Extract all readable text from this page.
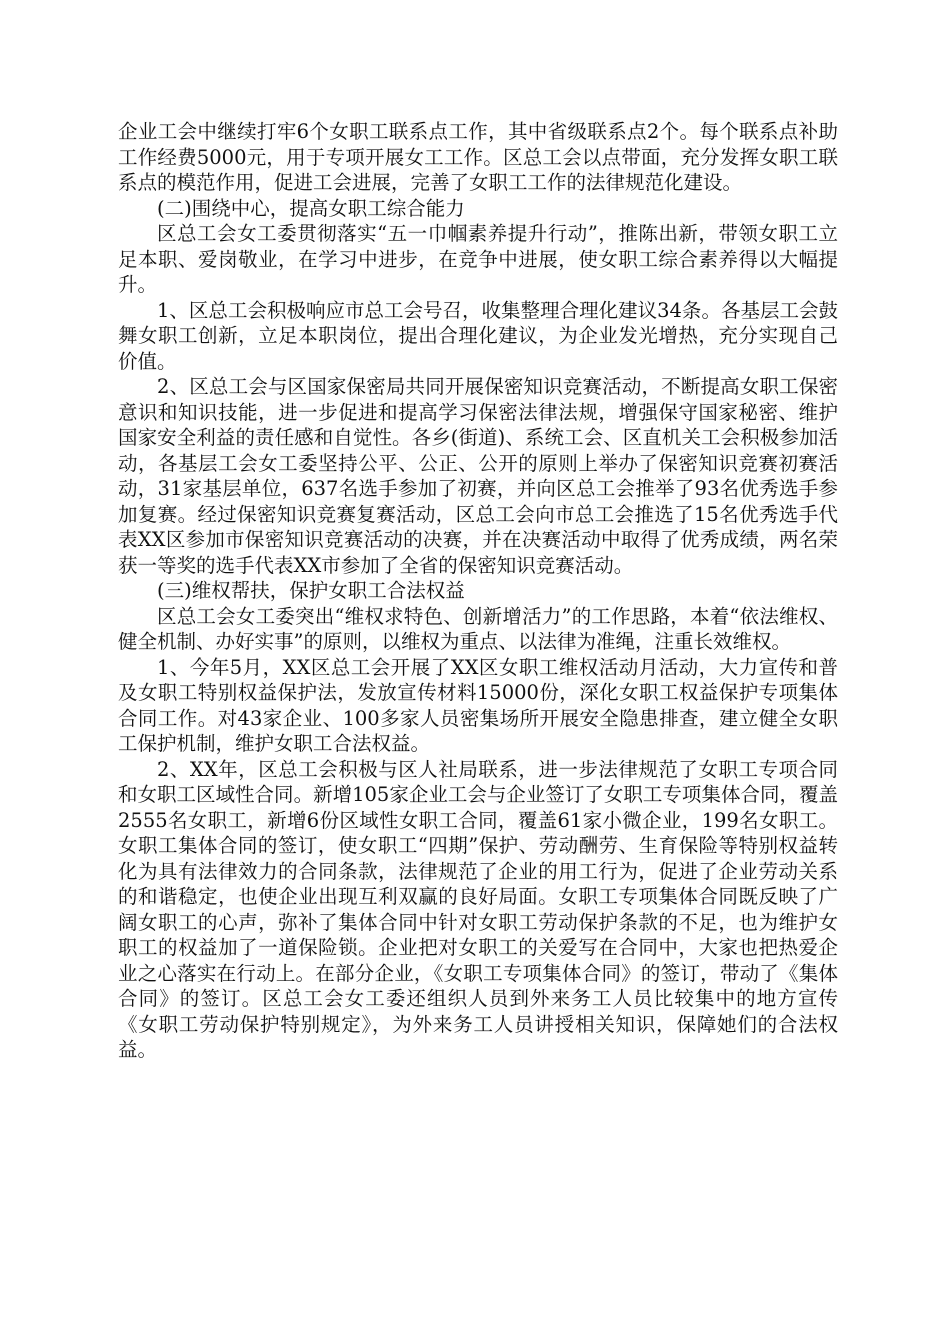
企业工会中继续打牢6个女职工联系点工作，其中省级联系点2个。每个联系点补助工作经费5000元，用于专项开展女工工作。区总工会以点带面，充分发挥女职工联系点的模范作用，促进工会进展，完善了女职工工作的法律规范化建设。

(二)围绕中心，提高女职工综合能力

区总工会女工委贯彻落实“五一巾帼素养提升行动”，推陈出新，带领女职工立足本职、爱岗敬业，在学习中进步，在竞争中进展，使女职工综合素养得以大幅提升。

1、区总工会积极响应市总工会号召，收集整理合理化建议34条。各基层工会鼓舞女职工创新，立足本职岗位，提出合理化建议，为企业发光增热，充分实现自己价值。

2、区总工会与区国家保密局共同开展保密知识竞赛活动，不断提高女职工保密意识和知识技能，进一步促进和提高学习保密法律法规，增强保守国家秘密、维护国家安全利益的责任感和自觉性。各乡(街道)、系统工会、区直机关工会积极参加活动，各基层工会女工委坚持公平、公正、公开的原则上举办了保密知识竞赛初赛活动，31家基层单位，637名选手参加了初赛，并向区总工会推举了93名优秀选手参加复赛。经过保密知识竞赛复赛活动，区总工会向市总工会推选了15名优秀选手代表XX区参加市保密知识竞赛活动的决赛，并在决赛活动中取得了优秀成绩，两名荣获一等奖的选手代表XX市参加了全省的保密知识竞赛活动。

(三)维权帮扶，保护女职工合法权益

区总工会女工委突出“维权求特色、创新增活力”的工作思路，本着“依法维权、健全机制、办好实事”的原则，以维权为重点、以法律为准绳，注重长效维权。

1、今年5月，XX区总工会开展了XX区女职工维权活动月活动，大力宣传和普及女职工特别权益保护法，发放宣传材料15000份，深化女职工权益保护专项集体合同工作。对43家企业、100多家人员密集场所开展安全隐患排查，建立健全女职工保护机制，维护女职工合法权益。

2、XX年，区总工会积极与区人社局联系，进一步法律规范了女职工专项合同和女职工区域性合同。新增105家企业工会与企业签订了女职工专项集体合同，覆盖2555名女职工，新增6份区域性女职工合同，覆盖61家小微企业，199名女职工。女职工集体合同的签订，使女职工“四期”保护、劳动酬劳、生育保险等特别权益转化为具有法律效力的合同条款，法律规范了企业的用工行为，促进了企业劳动关系的和谐稳定，也使企业出现互利双赢的良好局面。女职工专项集体合同既反映了广阔女职工的心声，弥补了集体合同中针对女职工劳动保护条款的不足，也为维护女职工的权益加了一道保险锁。企业把对女职工的关爱写在合同中，大家也把热爱企业之心落实在行动上。在部分企业，《女职工专项集体合同》的签订，带动了《集体合同》的签订。区总工会女工委还组织人员到外来务工人员比较集中的地方宣传《女职工劳动保护特别规定》，为外来务工人员讲授相关知识，保障她们的合法权益。
